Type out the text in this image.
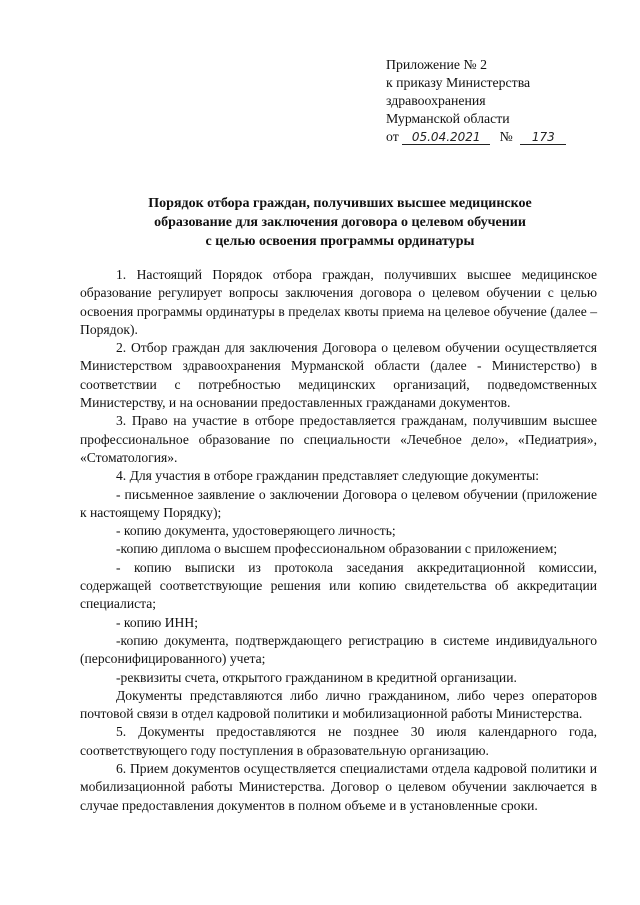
Приложение № 2
к приказу Министерства
здравоохранения
Мурманской области
от 05.04.2021 № 173
Порядок отбора граждан, получивших высшее медицинское
образование для заключения договора о целевом обучении
с целью освоения программы ординатуры

1. Настоящий Порядок отбора граждан, получивших высшее медицинское образование регулирует вопросы заключения договора о целевом обучении с целью освоения программы ординатуры в пределах квоты приема на целевое обучение (далее – Порядок).

2. Отбор граждан для заключения Договора о целевом обучении осуществляется Министерством здравоохранения Мурманской области (далее - Министерство) в соответствии с потребностью медицинских организаций, подведомственных Министерству, и на основании предоставленных гражданами документов.

3. Право на участие в отборе предоставляется гражданам, получившим высшее профессиональное образование по специальности «Лечебное дело», «Педиатрия», «Стоматология».

4. Для участия в отборе гражданин представляет следующие документы:

- письменное заявление о заключении Договора о целевом обучении (приложение к настоящему Порядку);

- копию документа, удостоверяющего личность;

-копию диплома о высшем профессиональном образовании с приложением;

- копию выписки из протокола заседания аккредитационной комиссии, содержащей соответствующие решения или копию свидетельства об аккредитации специалиста;

- копию ИНН;

-копию документа, подтверждающего регистрацию в системе индивидуального (персонифицированного) учета;

-реквизиты счета, открытого гражданином в кредитной организации.

Документы представляются либо лично гражданином, либо через операторов почтовой связи в отдел кадровой политики и мобилизационной работы Министерства.

5. Документы предоставляются не позднее 30 июля календарного года, соответствующего году поступления в образовательную организацию.

6. Прием документов осуществляется специалистами отдела кадровой политики и мобилизационной работы Министерства. Договор о целевом обучении заключается в случае предоставления документов в полном объеме и в установленные сроки.
